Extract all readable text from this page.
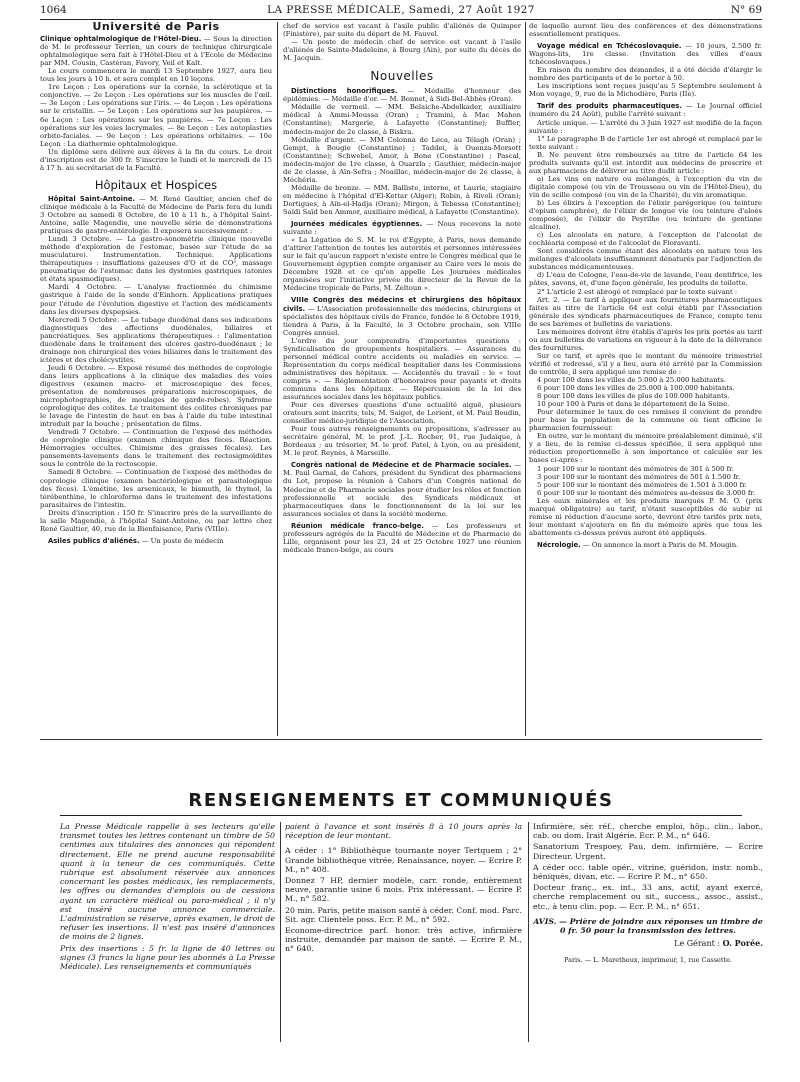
1064	LA PRESSE MÉDICALE, Samedi, 27 Août 1927	N° 69
Université de Paris

Clinique ophtalmologique de l'Hôtel-Dieu. — Sous la direction de M. le professeur Terrien, un cours de technique chirurgicale ophtalmologique sera fait à l'Hôtel-Dieu et à l'Ecole de Médecine par MM. Cousin, Castéran, Favory, Veil et Kalt.

Le cours commencera le mardi 13 Septembre 1927, aura lieu tous les jours à 10 h. et sera complet en 10 leçons.

1re Leçon : Les opérations sur la cornée, la sclérotique et la conjonctive. — 2e Leçon : Les opérations sur les muscles de l'œil. — 3e Leçon : Les opérations sur l'iris. — 4e Leçon : Les opérations sur le cristallin. — 5e Leçon : Les opérations sur les paupières. — 6e Leçon : Les opérations sur les paupières. — 7e Leçon : Les opérations sur les voies lacrymales. — 8e Leçon : Les autoplasties orbito-faciales. — 9e Leçon : Les opérations orbitaires. — 10e Leçon : La diathermie ophtalmologique.

Un diplôme sera délivré aux élèves à la fin du cours. Le droit d'inscription est de 300 fr. S'inscrire le lundi et le mercredi de 15 à 17 h. au secrétariat de la Faculté.

Hôpitaux et Hospices

Hôpital Saint-Antoine. — M. René Gaultier, ancien chef de clinique médicale à la Faculté de Médecine de Paris fera du lundi 3 Octobre au samedi 8 Octobre, de 10 à 11 h., à l'hôpital Saint-Antoine, salle Magendie, une nouvelle série de démonstrations pratiques de gastro-entérologie. Il exposera successivement :

Lundi 3 Octobre. — La gastro-sonométrie clinique (nouvelle méthode d'exploration de l'estomac, basée sur l'étude de sa musculature). Instrumentation. Technique. Applications thérapeutiques : insufflations gazeuses d'O et de CO², massage pneumatique de l'estomac dans les dystonies gastriques (atonies et états spasmodiques).

Mardi 4 Octobre. — L'analyse fractionnée du chimisme gastrique à l'aide de la sonde d'Einhorn. Applications pratiques pour l'étude de l'évolution digestive et l'action des médicaments dans les diverses dyspepsies.

Mercredi 5 Octobre. — Le tubage duodénal dans ses indications diagnostiques des affections duodénales, biliaires et pancréatiques. Ses applications thérapeutiques : l'alimentation duodénale dans le traitement des ulcères gastro-duodénaux ; le drainage non chirurgical des voies biliaires dans le traitement des ictères et des cholécystites.

Jeudi 6 Octobre. — Exposé résumé des méthodes de coprologie dans leurs applications à la clinique des maladies des voies digestives (examen macro- et microscopique des fèces, présentation de nombreuses préparations microscopiques, de microphotographies, de moulages de garde-robes). Syndrome coprologique des colites. Le traitement des colites chroniques par le lavage de l'intestin de haut en bas à l'aide du tube intestinal introduit par la bouche ; présentation de films.

Vendredi 7 Octobre. — Continuation de l'exposé des méthodes de coprologie clinique (examen chimique des fèces. Réaction. Hémorragies occultes. Chimisme des graisses fécales). Les pansements-lavements dans le traitement des rectosigmoïdites sous le contrôle de la rectoscopie.

Samedi 8 Octobre. — Continuation de l'exposé des méthodes de coprologie clinique (examen bactériologique et parasitologique des fèces). L'émétine, les arsenicaux, le bismuth, le thymol, la térébenthine, le chloroforme dans le traitement des infestations parasitaires de l'intestin.

Droits d'inscription : 150 fr. S'inscrire près de la surveillante de la salle Magendie, à l'hôpital Saint-Antoine, ou par lettre chez René Gaultier, 40, rue de la Bienfaisance, Paris (VIIIe).

Asiles publics d'aliénés. — Un poste de médecin

chef de service est vacant à l'asile public d'aliénés de Quimper (Finistère), par suite du départ de M. Fauvel.

— Un poste de médecin chef de service est vacant à l'asile d'aliénés de Sainte-Madeleine, à Bourg (Ain), par suite du décès de M. Jacquin.

Nouvelles

Distinctions honorifiques. — Médaille d'honneur des épidémies. — Médaille d'or. — M. Bonnet, à Sidi-Bel-Abbès (Oran).

Médaille de vermeil. — MM. Belaiche-Abdelkader, auxiliaire médical à Ammi-Moussa (Oran) ; Tramini, à Mac Mahon (Constantine); Margerie, à Lafayette (Constantine); Buffler, médecin-major de 2e classe, à Biskra.

Médaille d'argent. — MM Colonna de Leca, au Télagh (Oran) ; Gempt, à Bougie (Constantine) ; Taddei, à Ouenza-Morsott (Constantine); Schwebel, Amor, à Bone (Constantine) ; Pascal, médecin-major de 1re classe, à Ouarzla ; Gauthier, médecin-major de 2e classe, à Aïn-Sefra ; Noaillac, médecin-major de 2e classe, à Méchéria.

Médaille de bronze. — MM. Balliste, interne, et Laurie, stagiaire en médecine à l'hôpital d'El-Kettar (Alger); Robin, à Rivoli (Oran); Dortigues, à Aïn-el-Hadja (Oran); Mirgon, à Tebessa (Constantine); Saïdi Saïd ben Ammor, auxiliaire médical, à Lafayette (Constantine).

Journées médicales égyptiennes. — Nous recevons la note suivante :

« La Légation de S. M. le roi d'Egypte, à Paris, nous demande d'attirer l'attention de toutes les autorités et personnes intéressées sur le fait qu'aucun rapport n'existe entre le Congrès médical que le Gouvernement égyptien compte organiser au Caire vers le mois de Décembre 1928 et ce qu'on appelle Les Journées médicales organisées sur l'initiative privée du directeur de la Revue de la Médecine tropicale de Paris, M. Zeltoun ».

VIIIe Congrès des médecins et chirurgiens des hôpitaux civils. — L'Association professionnelle des médecins, chirurgiens et spécialistes des hôpitaux civils de France, fondée le 8 Octobre 1919, tiendra à Paris, à la Faculté, le 3 Octobre prochain, son VIIIe Congrès annuel.

L'ordre du jour comprendra d'importantes questions : Syndicalisation de groupements hospitaliers. — Assurances du personnel médical contre accidents ou maladies en service. — Représentation du corps médical hospitalier dans les Commissions administratives des hôpitaux. — Accidentés du travail : le « tout compris ». — Réglementation d'honoraires pour payants et droits communs dans les hôpitaux. — Répercussion de la loi des assurances sociales dans les hôpitaux publics.

Pour ces diverses questions d'une actualité aiguë, plusieurs orateurs sont inscrits, tels, M. Saiget, de Lorient, et M. Paul Boudin, conseiller médico-juridique de l'Association.

Pour tous autres renseignements ou propositions, s'adresser au secrétaire général, M. le prof. J.-L. Rocher, 91, rue Judaïque, à Bordeaux ; au trésorier, M. le prof. Patel, à Lyon, ou au président, M. le prof. Reynès, à Marseille.

Congrès national de Médecine et de Pharmacie sociales. — M. Paul Garnal, de Cahors, président du Syndicat des pharmaciens du Lot, propose la réunion à Cahors d'un Congrès national de Médecine et de Pharmacie sociales pour étudier les rôles et fonction professionnelle et sociale des Syndicats médicaux et pharmaceutiques dans le fonctionnement de la loi sur les assurances sociales et dans la société moderne.

Réunion médicale franco-belge. — Les professeurs et professeurs agrégés de la Faculté de Médecine et de Pharmacie de Lille, organisent pour les 23, 24 et 25 Octobre 1927 une réunion médicale franco-belge, au cours

de laquelle auront lieu des conférences et des démonstrations essentiellement pratiques.

Voyage médical en Tchécoslovaquie. — 10 jours, 2.500 fr. Wagons-lits, 1re classe. (Invitation des villes d'eaux tchécoslovaques.)

En raison du nombre des demandes, il a été décidé d'élargir le nombre des participants et de le porter à 50.

Les inscriptions sont reçues jusqu'au 5 Septembre seulement à Mon voyage, 9, rue de la Michodière, Paris (IIe).

Tarif des produits pharmaceutiques. — Le Journal officiel (numéro du 24 Août), publie l'arrêté suivant :

Article unique. — L'arrêté du 3 Juin 1927 est modifié de la façon suivante :

1° Le paragraphe B de l'article 1er est abrogé et remplacé par le texte suivant :

B. Ne peuvent être remboursés au titre de l'article 64 les produits suivants qu'il est interdit aux médecins de prescrire et aux pharmaciens de délivrer au titre dudit article :

a) Les vins en nature ou mélangés, à l'exception du vin de digitale composé (ou vin de Trousseau ou vin de l'Hôtel-Dieu), du vin de scille composé (ou vin de la Charité), du vin aromatique.

b) Les élixirs à l'exception de l'élixir parégorique (ou teinture d'opium camphrée), de l'élixir de longue vie (ou teinture d'aloès composée), de l'élixir de Peyrilhe (ou teinture de gentiane alcaline).

c) Les alcoolats en nature, à l'exception de l'alcoolat de cochléaria composé et de l'alcoolat de Fioravanti.

Sont considérés comme étant des alcoolats en nature tous les mélanges d'alcoolats insuffisamment dénaturés par l'adjonction de substances médicamenteuses.

d) L'eau de Cologne, l'eau-de-vie de lavande, l'eau dentifrice, les pâtes, savons, et, d'une façon générale, les produits de toilette.

2° L'article 2 est abrogé et remplacé par le texte suivant :

Art. 2. — Le tarif à appliquer aux fournitures pharmaceutiques faites au titre de l'article 64 est celui établi par l'Association générale des syndicats pharmaceutiques de France, compte tenu de ses barèmes et bulletins de variations.

Les mémoires doivent être établis d'après les prix portés au tarif ou aux bulletins de variations en vigueur à la date de la délivrance des fournitures.

Sur ce tarif, et après que le montant du mémoire trimestriel vérifié et redressé, s'il y a lieu, aura été arrêté par la Commission de contrôle, il sera appliqué une remise de :

4 pour 100 dans les villes de 5.000 à 25.000 habitants.

6 pour 100 dans les villes de 25.000 à 100.000 habitants.

8 pour 100 dans les villes de plus de 100.000 habitants.

10 pour 100 à Paris et dans le département de la Seine.

Pour déterminer le taux de ces remises il convient de prendre pour base la population de la commune où tient officine le pharmacien fournisseur.

En outre, sur le montant du mémoire préalablement diminué, s'il y a lieu, de la remise ci-dessus spécifiée, il sera appliqué une réduction proportionnelle à son importance et calculée sur les bases ci-après :

1 pour 100 sur le montant des mémoires de 301 à 500 fr.

3 pour 100 sur le montant des mémoires de 501 à 1.500 fr.

5 pour 100 sur le montant des mémoires de 1.501 à 3.000 fr.

6 pour 100 sur le montant des mémoires au-dessus de 3.000 fr.

Les eaux minérales et les produits marqués P. M. O. (prix marqué obligatoire) au tarif, n'étant susceptibles de subir ni remise ni réduction d'aucune sorte, devront être tarifés prix nets, leur montant s'ajoutera en fin du mémoire après que tous les abattements ci-dessus prévus auront été appliqués.

Nécrologie. — On annonce la mort à Paris de M. Mougin.

RENSEIGNEMENTS ET COMMUNIQUÉS

La Presse Médicale rappelle à ses lecteurs qu'elle transmet toutes les lettres contenant un timbre de 50 centimes aux titulaires des annonces qui répondent directement. Elle ne prend aucune responsabilité quant à la teneur de ces communiqués. Cette rubrique est absolument réservée aux annonces concernant les postes médicaux, les remplacements, les offres ou demandes d'emplois ou de cessions ayant un caractère médical ou para-médical ; il n'y est inséré aucune annonce commerciale. L'administration se réserve, après examen, le droit de refuser les insertions. Il n'est pas inséré d'annonces de moins de 2 lignes.

Prix des insertions : 5 fr. la ligne de 40 lettres ou signes (3 francs la ligne pour les abonnés à La Presse Médicale). Les renseignements et communiqués

paient à l'avance et sont insérés 8 à 10 jours après la réception de leur montant.

A céder : 1° Bibliothèque tournante noyer Tertquem ; 2° Grande bibliothèque vitrée, Renaissance, noyer. — Ecrire P. M., n° 408.

Donnez 7 HP, dernier modèle, carr. ronde, entièrement neuve, garantie usine 6 mois. Prix intéressant. — Ecrire P. M., n° 582.

20 min. Paris, petite maison santé à céder. Conf. mod. Parc. Sit. agr. Clientèle poss. Ecr. P. M., n° 592.

Econome-directrice parf. honor. très active, infirmière instruite, demandée par maison de santé. — Ecrire P. M., n° 640.

Infirmière, sér. réf., cherche emploi, hôp., clin., labor., cab. ou dom. Irait Algérie. Ecr. P. M., n° 646.

Sanatorium Trespoey, Pau, dem. infirmière. — Ecrire Directeur. Urgent.

A céder occ. table opér., vitrine, guéridon, instr. nomb., béniqués, divan, etc. — Ecrire P. M., n° 650.

Docteur franç., ex. int., 33 ans, actif, ayant exercé, cherche remplacement ou sit., success., assoc., assist., etc., à tenu clin. pop. — Ecr. P. M., n° 651.

AVIS. — Prière de joindre aux réponses un timbre de 0 fr. 50 pour la transmission des lettres.
Le Gérant : O. Porée.
Paris. — L. Maretheux, imprimeur, 1, rue Cassette.
